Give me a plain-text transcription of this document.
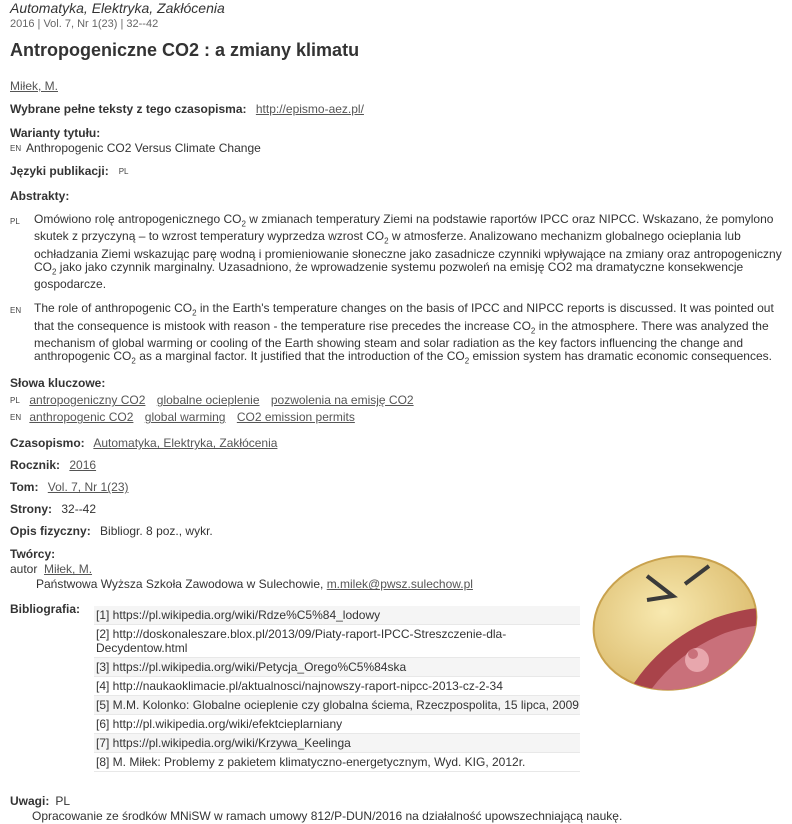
Automatyka, Elektryka, Zakłócenia
2016 | Vol. 7, Nr 1(23) | 32--42
Antropogeniczne CO2 : a zmiany klimatu
Miłek, M.
Wybrane pełne teksty z tego czasopisma: http://epismo-aez.pl/
Warianty tytułu:
EN Anthropogenic CO2 Versus Climate Change
Języki publikacji: PL
Abstrakty:
PL	Omówiono rolę antropogenicznego $CO_2$ w zmianach temperatury Ziemi na podstawie raportów IPCC oraz NIPCC. Wskazano, że pomylono skutek z przyczyną – to wzrost temperatury wyprzedza wzrost $CO_2$ w atmosferze. Analizowano mechanizm globalnego ocieplania lub ochładzania Ziemi wskazując parę wodną i promieniowanie słoneczne jako zasadnicze czynniki wpływające na zmiany oraz antropogeniczny $CO_2$ jako jako czynnik marginalny. Uzasadniono, że wprowadzenie systemu pozwoleń na emisję CO2 ma dramatyczne konsekwencje gospodarcze.
EN	The role of anthropogenic $CO_2$ in the Earth's temperature changes on the basis of IPCC and NIPCC reports is discussed. It was pointed out that the consequence is mistook with reason - the temperature rise precedes the increase $CO_2$ in the atmosphere. There was analyzed the mechanism of global warming or cooling of the Earth showing steam and solar radiation as the key factors influencing the change and anthropogenic $CO_2$ as a marginal factor. It justified that the introduction of the $CO_2$ emission system has dramatic economic consequences.
Słowa kluczowe:
PL antropogeniczny CO2 globalne ocieplenie pozwolenia na emisję CO2
EN anthropogenic CO2 global warming CO2 emission permits
Czasopismo: Automatyka, Elektryka, Zakłócenia
Rocznik: 2016
Tom: Vol. 7, Nr 1(23)
Strony: 32--42
Opis fizyczny: Bibliogr. 8 poz., wykr.
Twórcy:
autor Miłek, M.
Państwowa Wyższa Szkoła Zawodowa w Sulechowie, m.milek@pwsz.sulechow.pl
Bibliografia:	[1] https://pl.wikipedia.org/wiki/Rdze%C5%84_lodowy
[2] http://doskonaleszare.blox.pl/2013/09/Piaty-raport-IPCC-Streszczenie-dla-Decydentow.html
[3] https://pl.wikipedia.org/wiki/Petycja_Orego%C5%84ska
[4] http://naukaoklimacie.pl/aktualnosci/najnowszy-raport-nipcc-2013-cz-2-34
[5] M.M. Kolonko: Globalne ocieplenie czy globalna ściema, Rzeczpospolita, 15 lipca, 2009
[6] http://pl.wikipedia.org/wiki/efektcieplarniany
[7] https://pl.wikipedia.org/wiki/Krzywa_Keelinga
[8] M. Miłek: Problemy z pakietem klimatyczno-energetycznym, Wyd. KIG, 2012r.
Uwagi: PL
Opracowanie ze środków MNiSW w ramach umowy 812/P-DUN/2016 na działalność upowszechniającą naukę.
